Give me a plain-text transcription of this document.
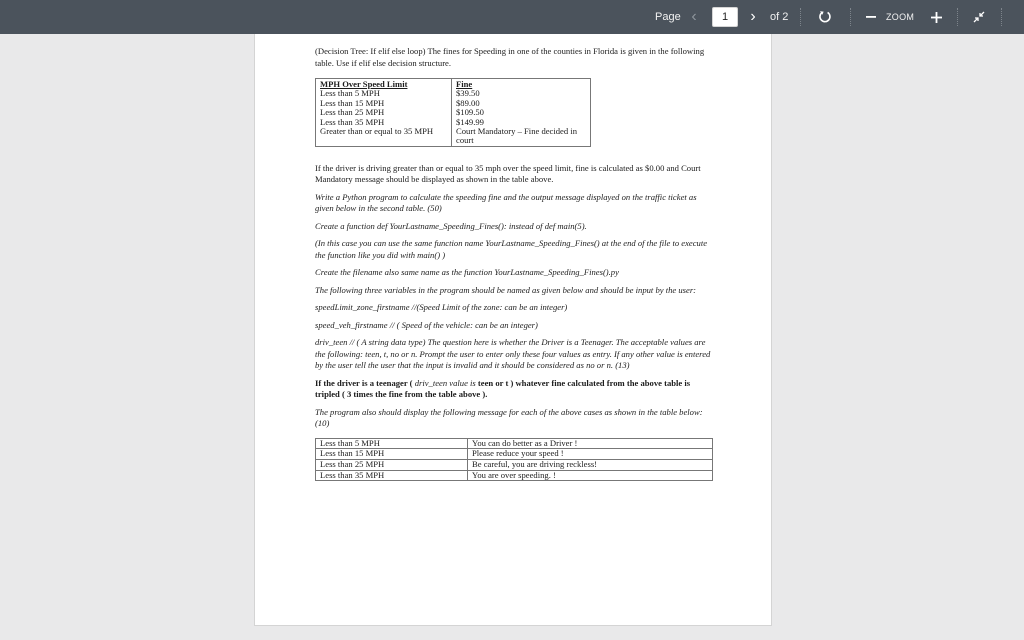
Page ‹
1	› of 2	ZOOM
(Decision Tree: If elif else loop) The fines for Speeding in one of the counties in Florida is given in the following table. Use if elif else decision structure.
MPH Over Speed Limit	Fine
Less than 5 MPH	$39.50
Less than 15 MPH	$89.00
Less than 25 MPH	$109.50
Less than 35 MPH	$149.99
Greater than or equal to 35 MPH	Court Mandatory – Fine decided in court
If the driver is driving greater than or equal to 35 mph over the speed limit, fine is calculated as $0.00 and Court Mandatory message should be displayed as shown in the table above.
Write a Python program to calculate the speeding fine and the output message displayed on the traffic ticket as given below in the second table. (50)
Create a function def YourLastname_Speeding_Fines(): instead of def main(5).
(In this case you can use the same function name YourLastname_Speeding_Fines() at the end of the file to execute the function like you did with main() )
Create the filename also same name as the function YourLastname_Speeding_Fines().py
The following three variables in the program should be named as given below and should be input by the user:
speedLimit_zone_firstname //(Speed Limit of the zone: can be an integer)
speed_veh_firstname // ( Speed of the vehicle: can be an integer)
driv_teen // ( A string data type) The question here is whether the Driver is a Teenager. The acceptable values are the following: teen, t, no or n. Prompt the user to enter only these four values as entry. If any other value is entered by the user tell the user that the input is invalid and it should be considered as no or n. (13)
If the driver is a teenager ( driv_teen value is teen or t ) whatever fine calculated from the above table is tripled ( 3 times the fine from the table above ).
The program also should display the following message for each of the above cases as shown in the table below: (10)
Less than 5 MPH	You can do better as a Driver !
Less than 15 MPH	Please reduce your speed !
Less than 25 MPH	Be careful, you are driving reckless!
Less than 35 MPH	You are over speeding. !
